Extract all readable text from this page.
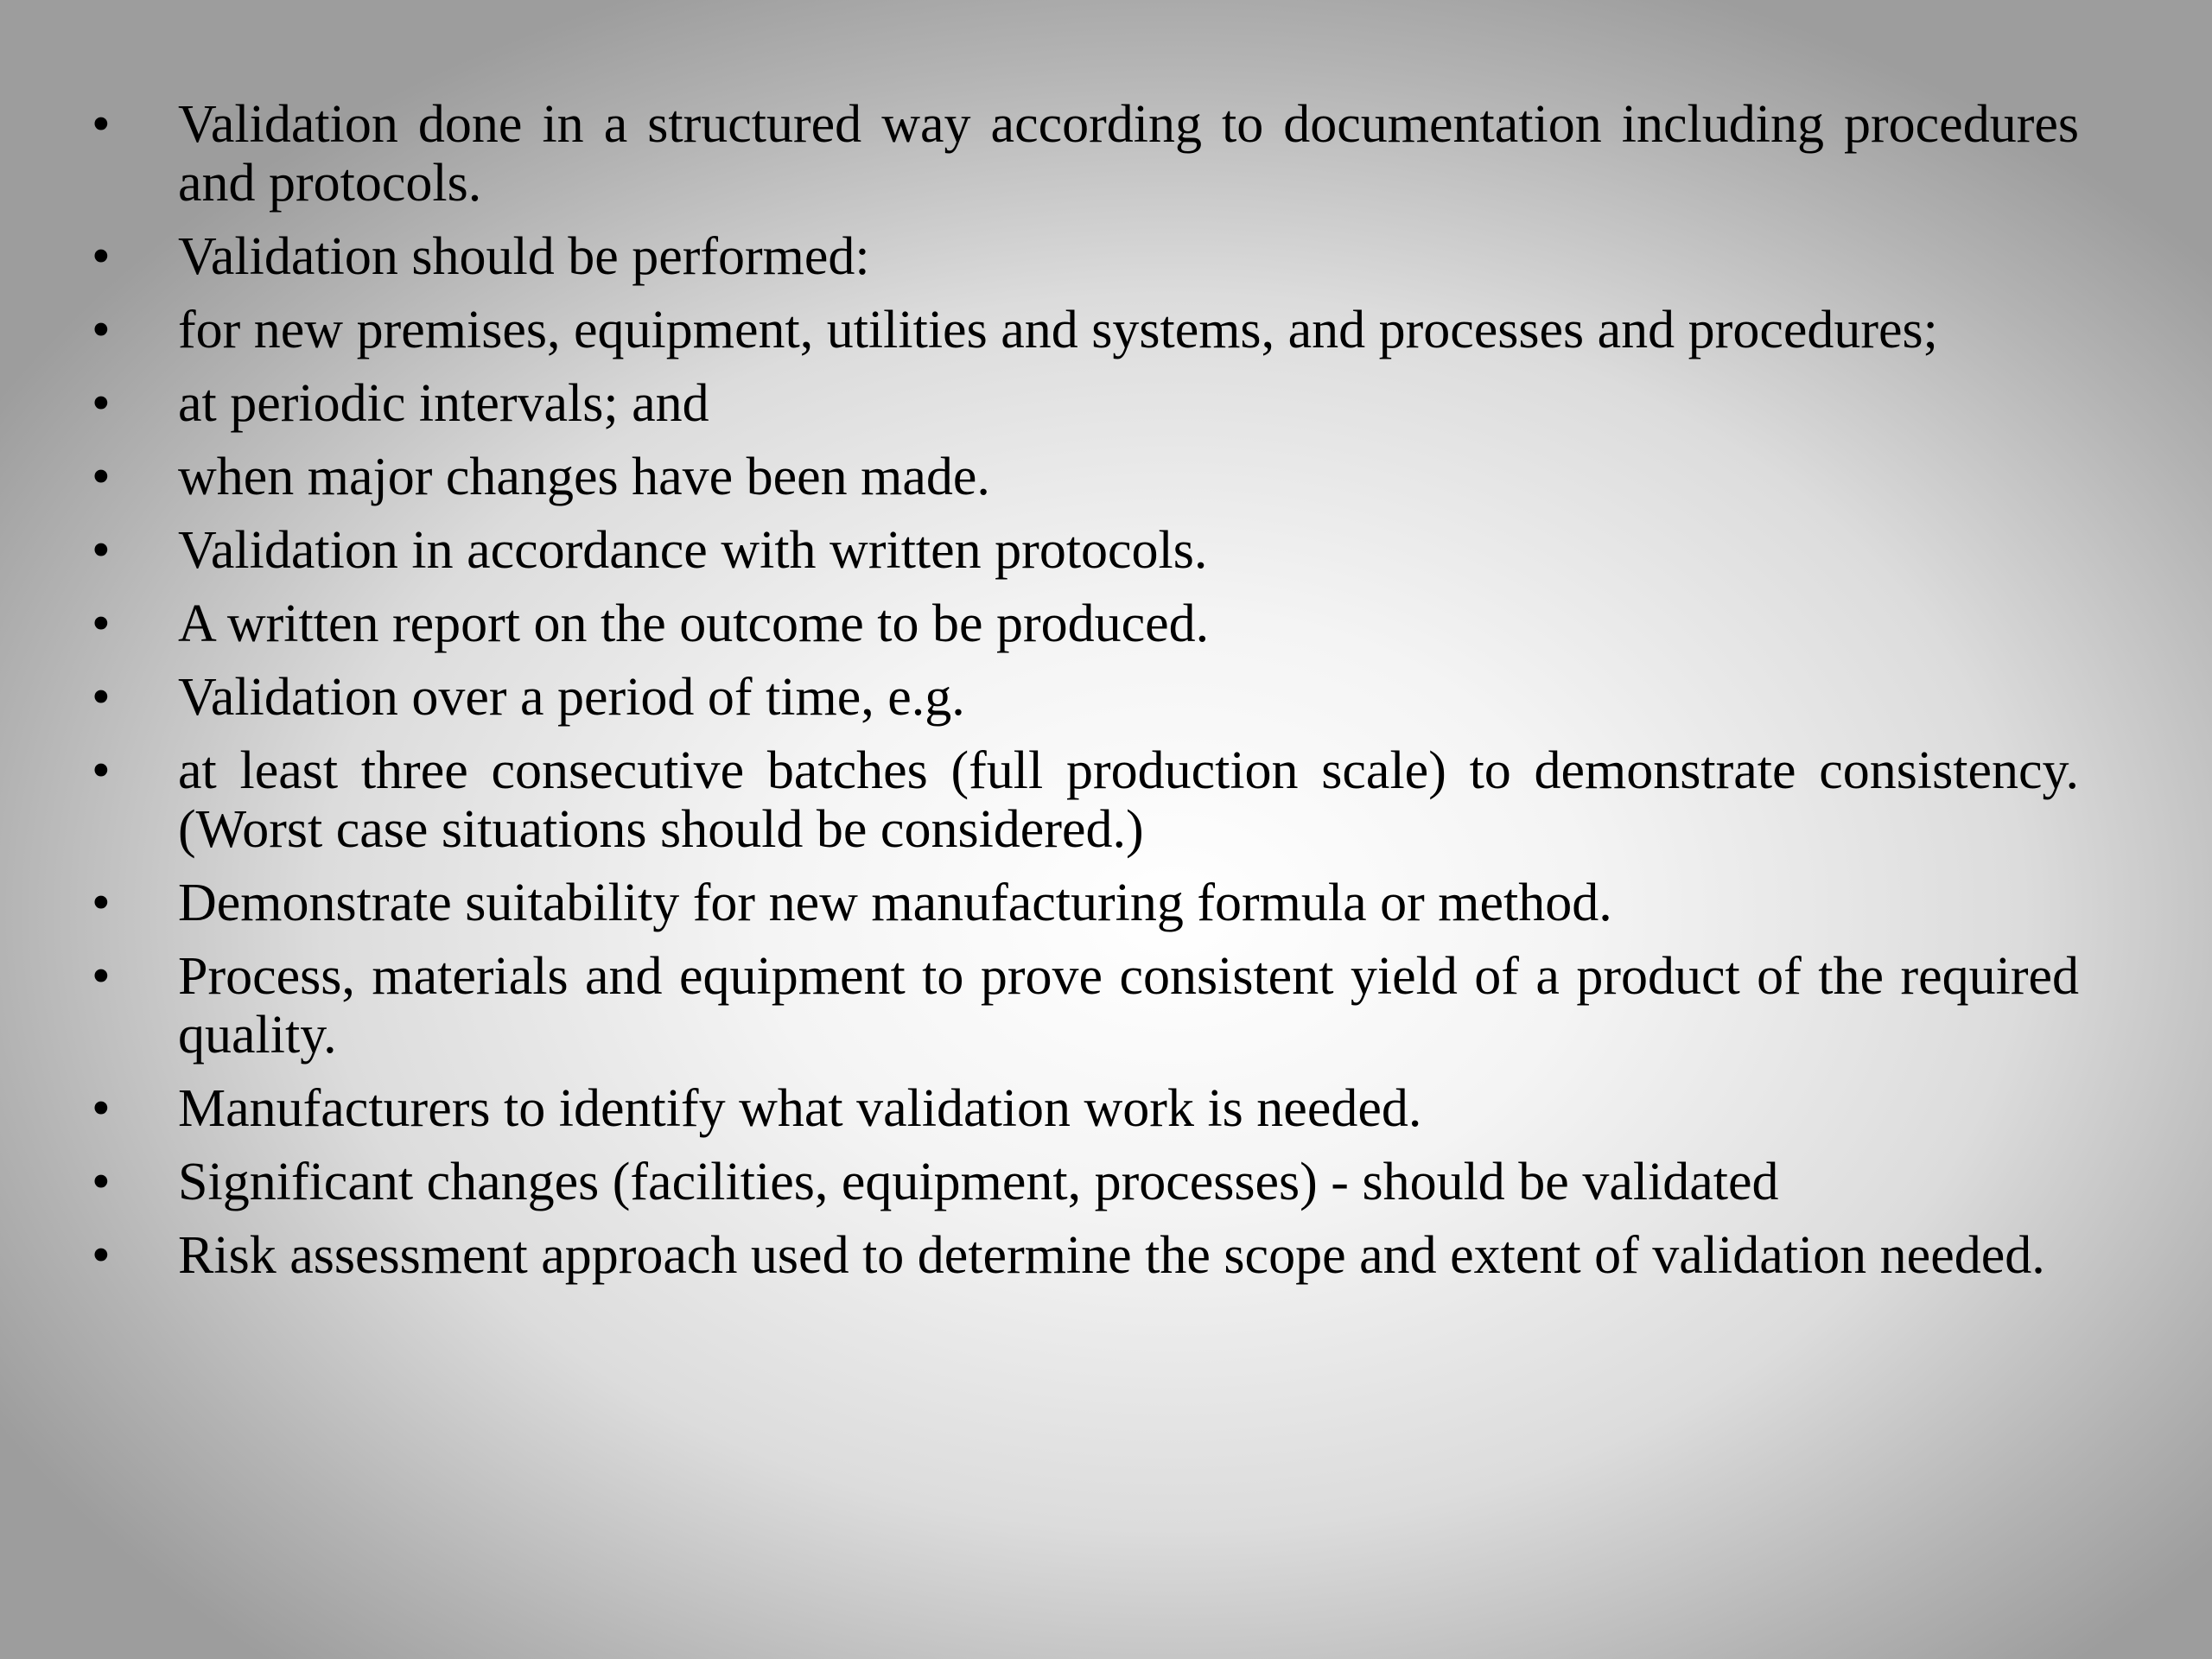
• Validation done in a structured way according to documentation including procedures and protocols.
• Validation should be performed:
• for new premises, equipment, utilities and systems, and processes and procedures;
• at periodic intervals; and
• when major changes have been made.
• Validation in accordance with written protocols.
• A written report on the outcome to be produced.
• Validation over a period of time, e.g.
• at least three consecutive batches (full production scale) to demonstrate consistency. (Worst case situations should be considered.)
• Demonstrate suitability for new manufacturing formula or method.
• Process, materials and equipment to prove consistent yield of a product of the required quality.
• Manufacturers to identify what validation work is needed.
• Significant changes (facilities, equipment, processes) - should be validated
• Risk assessment approach used to determine the scope and extent of validation needed.
